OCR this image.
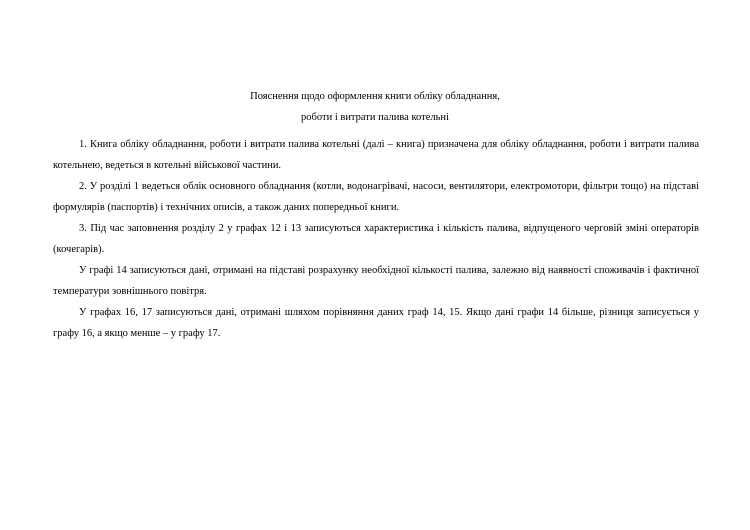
Пояснення щодо оформлення книги обліку обладнання,
роботи і витрати палива котельні

1. Книга обліку обладнання, роботи і витрати палива котельні (далі – книга) призначена для обліку обладнання, роботи і витрати палива котельнею, ведеться в котельні військової частини.

2. У розділі 1 ведеться облік основного обладнання (котли, водонагрівачі, насоси, вентилятори, електромотори, фільтри тощо) на підставі формулярів (паспортів) і технічних описів, а також даних попередньої книги.

3. Під час заповнення розділу 2 у графах 12 і 13 записуються характеристика і кількість палива, відпущеного черговій зміні операторів (кочегарів).

У графі 14 записуються дані, отримані на підставі розрахунку необхідної кількості палива, залежно від наявності споживачів і фактичної температури зовнішнього повітря.

У графах 16, 17 записуються дані, отримані шляхом порівняння даних граф 14, 15. Якщо дані графи 14 більше, різниця записується у графу 16, а якщо менше – у графу 17.
